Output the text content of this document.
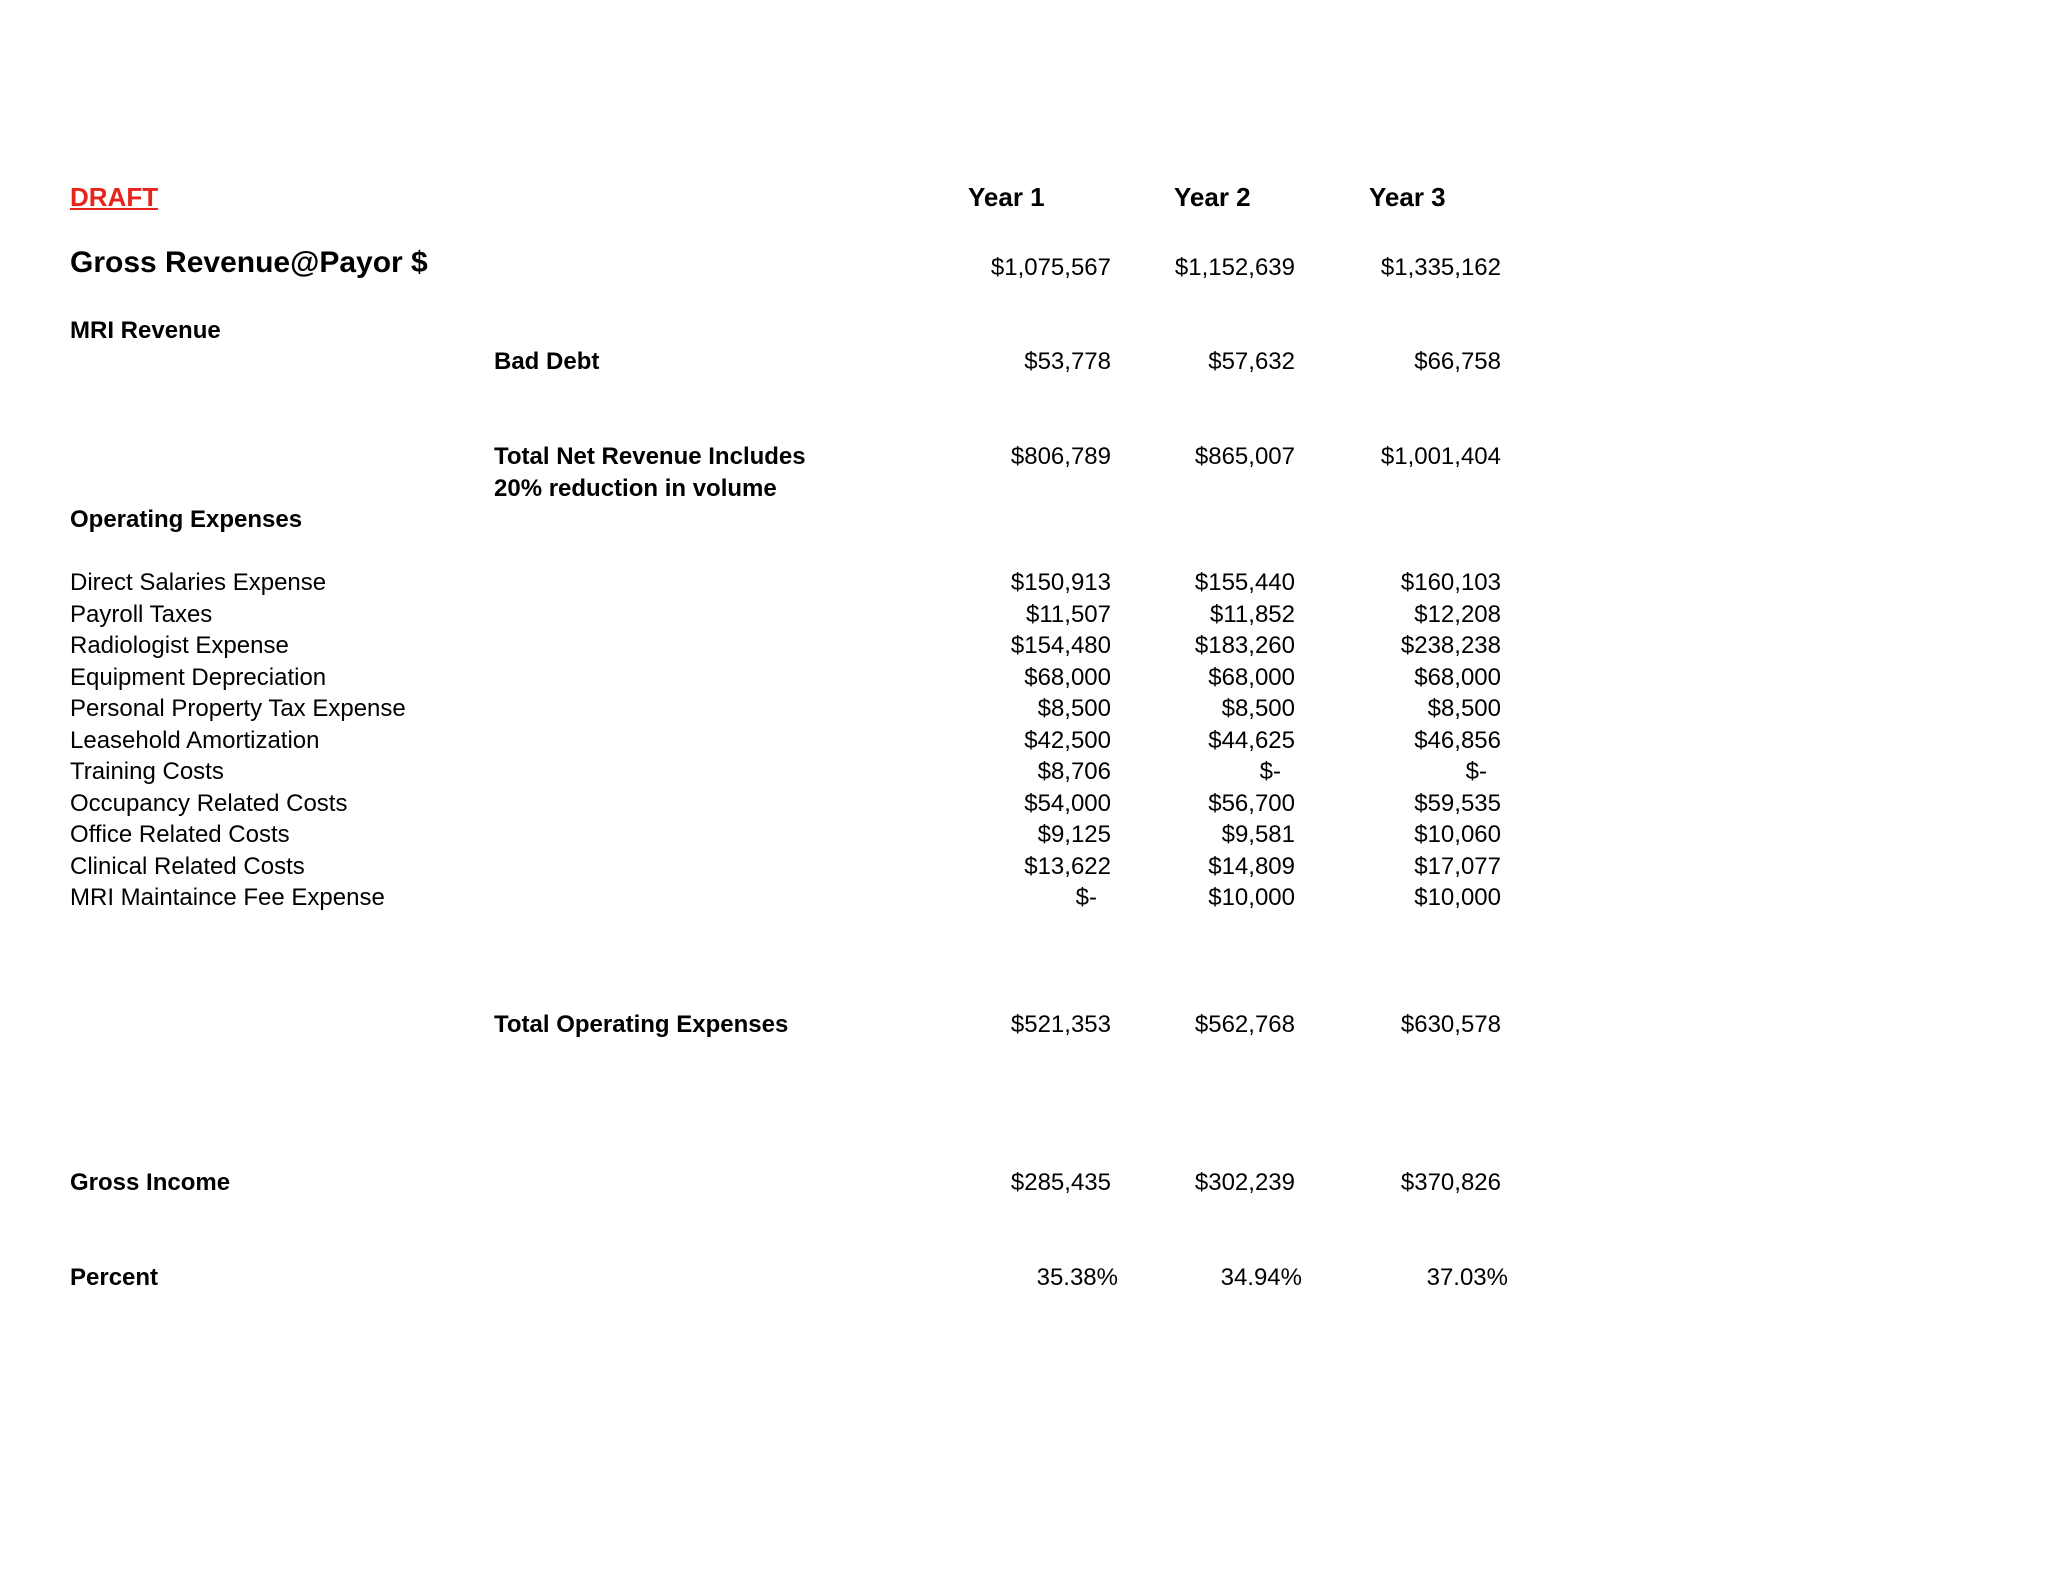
DRAFT	Year 1	Year 2	Year 3
Gross Revenue@Payor $	$1,075,567	$1,152,639	$1,335,162
MRI Revenue
Bad Debt	$53,778	$57,632	$66,758
Total Net Revenue Includes
20% reduction in volume
$806,789	$865,007	$1,001,404
Operating Expenses
Direct Salaries Expense	$150,913	$155,440	$160,103
Payroll Taxes	$11,507	$11,852	$12,208
Radiologist Expense	$154,480	$183,260	$238,238
Equipment Depreciation	$68,000	$68,000	$68,000
Personal Property Tax Expense	$8,500	$8,500	$8,500
Leasehold Amortization	$42,500	$44,625	$46,856
Training Costs	$8,706	$-	$-
Occupancy Related Costs	$54,000	$56,700	$59,535
Office Related Costs	$9,125	$9,581	$10,060
Clinical Related Costs	$13,622	$14,809	$17,077
MRI Maintaince Fee Expense	$-	$10,000	$10,000
Total Operating Expenses	$521,353	$562,768	$630,578
Gross Income	$285,435	$302,239	$370,826
Percent	35.38%	34.94%	37.03%
